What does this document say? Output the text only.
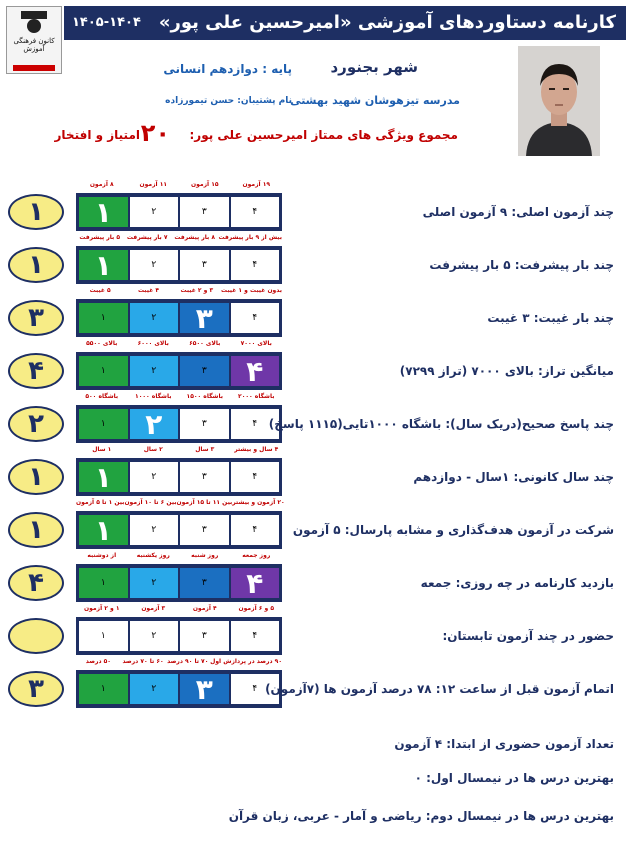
کارنامه دستاوردهای آموزشی «امیرحسین علی پور»
۱۴۰۵-۱۴۰۴
کانون فرهنگی آموزش
شهر بجنورد
پایه : دوازدهم انسانی
مدرسه تیزهوشان شهید بهشتی
نام پشتیبان: حسن تیمورزاده
مجموع ویژگی های ممتاز امیرحسین علی پور:
۲۰
امتیاز و افتخار
۸ آزمون	۱۱ آزمون	۱۵ آزمون	۱۹ آزمون
۱	۲	۳	۴
۱	چند آزمون اصلی: ۹ آزمون اصلی
۵ بار پیشرفت	۷ بار پیشرفت	۸ بار پیشرفت بیش از ۹ بار پیشرفت
۱	۲	۳	۴
۱	چند بار پیشرفت: ۵ بار پیشرفت
۵ غیبت	۴ غیبت	۳ و ۲ غیبت	بدون غیبت و ۱ غیبت
۱	۲	۳	۴
۳	چند بار غیبت: ۳ غیبت
بالای ۵۵۰۰	بالای ۶۰۰۰	بالای ۶۵۰۰	بالای ۷۰۰۰
۱	۲	۳	۴
۴	میانگین تراز: بالای ۷۰۰۰ (تراز ۷۲۹۹)
باشگاه ۵۰۰	باشگاه ۱۰۰۰	باشگاه ۱۵۰۰	باشگاه ۲۰۰۰
۱	۲	۳	۴
۲	چند پاسخ صحیح(دریک سال): باشگاه ۱۰۰۰تایی(۱۱۱۵ پاسخ)
۱ سال	۲ سال	۳ سال	۴ سال و بیشتر
۱	۲	۳	۴
۱	چند سال کانونی: ۱سال - دوازدهم
بین ۱ تا ۵ آزمون بین ۶ تا ۱۰ آزمون بین ۱۱ تا ۱۵ آزمون ۲۰ آزمون و بیشتر
۱	۲	۳	۴
۱	شرکت در آزمون هدف‌گذاری و مشابه پارسال: ۵ آزمون
از دوشنبه	روز یکشنبه	روز شنبه	روز جمعه
۱	۲	۳	۴
۴	بازدید کارنامه در چه روزی: جمعه
۱ و ۲ آزمون	۳ آزمون	۴ آزمون	۵ و ۶ آزمون
۱	۲	۳	۴	حضور در چند آزمون تابستان:
۵۰ درصد	۶۰ تا ۷۰ درصد ۷۰ تا ۹۰ درصد ۹۰ درصد در پردازش اول
۱	۲	۳	۴
۳	اتمام آزمون قبل از ساعت ۱۲: ۷۸ درصد آزمون ها (۷آزمون)
تعداد آزمون حضوری از ابتدا: ۴ آزمون
بهترین درس ها در نیمسال اول: ۰
بهترین درس ها در نیمسال دوم: ریاضی و آمار - عربی، زبان قرآن
